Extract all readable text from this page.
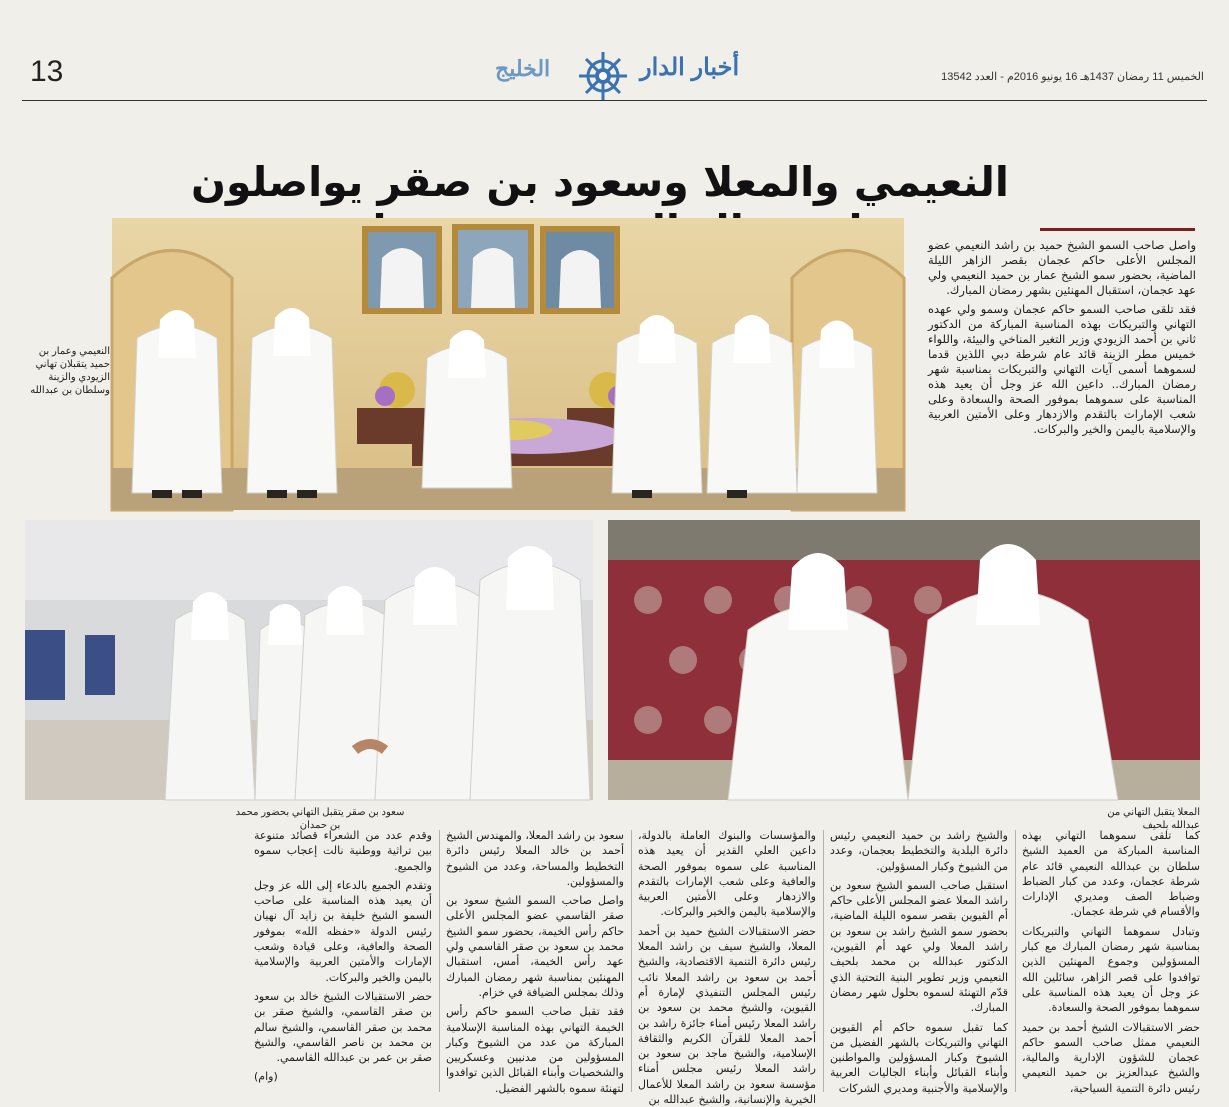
13	الخليج	أخبار الدار	الخميس 11 رمضان 1437هـ 16 يونيو 2016م - العدد 13542
النعيمي والمعلا وسعود بن صقر يواصلون
النعيمي وعمار بن حميد يتقبلان تهاني الزيودي والزينة وسلطان بن عبدالله

واصل صاحب السمو الشيخ حميد بن راشد النعيمي عضو المجلس الأعلى حاكم عجمان بقصر الزاهر الليلة الماضية، بحضور سمو الشيخ عمار بن حميد النعيمي ولي عهد عجمان، استقبال المهنئين بشهر رمضان المبارك.

فقد تلقى صاحب السمو حاكم عجمان وسمو ولي عهده التهاني والتبريكات بهذه المناسبة المباركة من الدكتور ثاني بن أحمد الزيودي وزير التغير المناخي والبيئة، واللواء خميس مطر الزينة قائد عام شرطة دبي اللذين قدما لسموهما أسمى آيات التهاني والتبريكات بمناسبة شهر رمضان المبارك.. داعين الله عز وجل أن يعيد هذه المناسبة على سموهما بموفور الصحة والسعادة وعلى شعب الإمارات بالتقدم والازدهار وعلى الأمتين العربية والإسلامية باليمن والخير والبركات.

سعود بن صقر يتقبل التهاني بحضور محمد بن حمدان
المعلا يتقبل التهاني من عبدالله بلحيف

كما تلقى سموهما التهاني بهذه المناسبة المباركة من العميد الشيخ سلطان بن عبدالله النعيمي قائد عام شرطة عجمان، وعدد من كبار الضباط وضباط الصف ومديري الإدارات والأقسام في شرطة عجمان.

وتبادل سموهما التهاني والتبريكات بمناسبة شهر رمضان المبارك مع كبار المسؤولين وجموع المهنئين الذين توافدوا على قصر الزاهر، سائلين الله عز وجل أن يعيد هذه المناسبة على سموهما بموفور الصحة والسعادة.

حضر الاستقبالات الشيخ أحمد بن حميد النعيمي ممثل صاحب السمو حاكم عجمان للشؤون الإدارية والمالية، والشيخ عبدالعزيز بن حميد النعيمي رئيس دائرة التنمية السياحية،

والشيخ راشد بن حميد النعيمي رئيس دائرة البلدية والتخطيط بعجمان، وعدد من الشيوخ وكبار المسؤولين.

استقبل صاحب السمو الشيخ سعود بن راشد المعلا عضو المجلس الأعلى حاكم أم القيوين بقصر سموه الليلة الماضية، بحضور سمو الشيخ راشد بن سعود بن راشد المعلا ولي عهد أم القيوين، الدكتور عبدالله بن محمد بلحيف النعيمي وزير تطوير البنية التحتية الذي قدّم التهنئة لسموه بحلول شهر رمضان المبارك.

كما تقبل سموه حاكم أم القيوين التهاني والتبريكات بالشهر الفضيل من الشيوخ وكبار المسؤولين والمواطنين وأبناء القبائل وأبناء الجاليات العربية والإسلامية والأجنبية ومديري الشركات

والمؤسسات والبنوك العاملة بالدولة، داعين العلي القدير أن يعيد هذه المناسبة على سموه بموفور الصحة والعافية وعلى شعب الإمارات بالتقدم والازدهار وعلى الأمتين العربية والإسلامية باليمن والخير والبركات.

حضر الاستقبالات الشيخ حميد بن أحمد المعلا، والشيخ سيف بن راشد المعلا رئيس دائرة التنمية الاقتصادية، والشيخ أحمد بن سعود بن راشد المعلا نائب رئيس المجلس التنفيذي لإمارة أم القيوين، والشيخ محمد بن سعود بن راشد المعلا رئيس أمناء جائزة راشد بن أحمد المعلا للقرآن الكريم والثقافة الإسلامية، والشيخ ماجد بن سعود بن راشد المعلا رئيس مجلس أمناء مؤسسة سعود بن راشد المعلا للأعمال الخيرية والإنسانية، والشيخ عبدالله بن

سعود بن راشد المعلا، والمهندس الشيخ أحمد بن خالد المعلا رئيس دائرة التخطيط والمساحة، وعدد من الشيوخ والمسؤولين.

واصل صاحب السمو الشيخ سعود بن صقر القاسمي عضو المجلس الأعلى حاكم رأس الخيمة، بحضور سمو الشيخ محمد بن سعود بن صقر القاسمي ولي عهد رأس الخيمة، أمس، استقبال المهنئين بمناسبة شهر رمضان المبارك وذلك بمجلس الضيافة في خزام.

فقد تقبل صاحب السمو حاكم رأس الخيمة التهاني بهذه المناسبة الإسلامية المباركة من عدد من الشيوخ وكبار المسؤولين من مدنيين وعسكريين والشخصيات وأبناء القبائل الذين توافدوا لتهنئة سموه بالشهر الفضيل.

وقدم عدد من الشعراء قصائد متنوعة بين تراثية ووطنية نالت إعجاب سموه والجميع.

وتقدم الجميع بالدعاء إلى الله عز وجل أن يعيد هذه المناسبة على صاحب السمو الشيخ خليفة بن زايد آل نهيان رئيس الدولة «حفظه الله» بموفور الصحة والعافية، وعلى قيادة وشعب الإمارات والأمتين العربية والإسلامية باليمن والخير والبركات.

حضر الاستقبالات الشيخ خالد بن سعود بن صقر القاسمي، والشيخ صقر بن محمد بن صقر القاسمي، والشيخ سالم بن محمد بن ناصر القاسمي، والشيخ صقر بن عمر بن عبدالله القاسمي.

(وام)
